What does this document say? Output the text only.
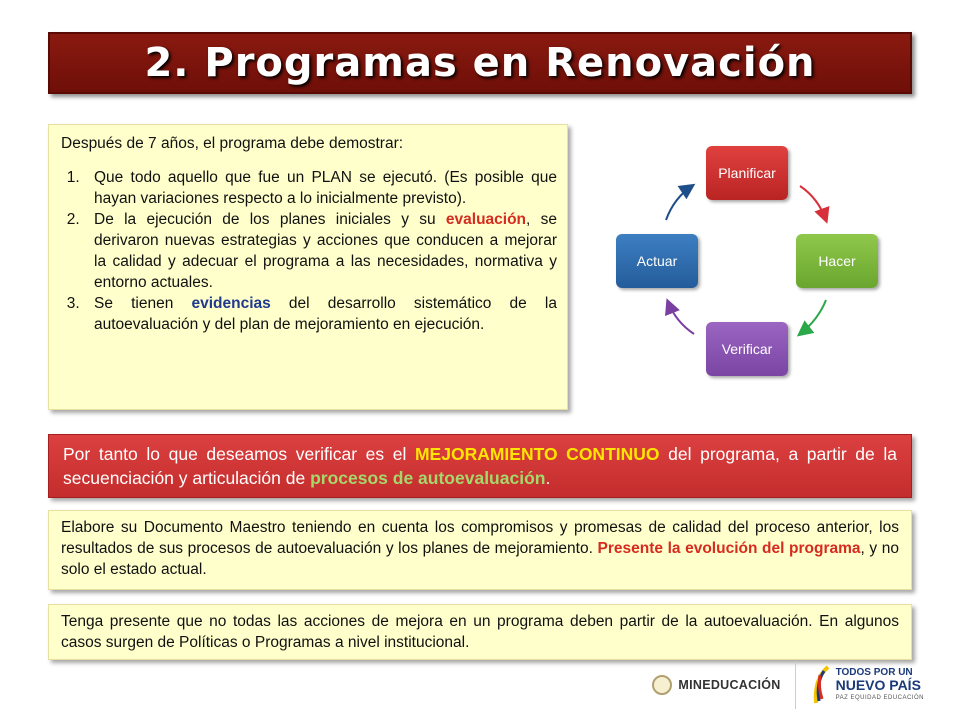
2. Programas en Renovación

Después de 7 años, el programa debe demostrar:

1. Que todo aquello que fue un PLAN se ejecutó. (Es posible que hayan variaciones respecto a lo inicialmente previsto).
2. De la ejecución de los planes iniciales y su evaluación, se derivaron nuevas estrategias y acciones que conducen a mejorar la calidad y adecuar el programa a las necesidades, normativa y entorno actuales.
3. Se tienen evidencias del desarrollo sistemático de la autoevaluación y del plan de mejoramiento en ejecución.
Planificar
Hacer
Verificar
Actuar
Por tanto lo que deseamos verificar es el MEJORAMIENTO CONTINUO del programa, a partir de la secuenciación y articulación de procesos de autoevaluación.
Elabore su Documento Maestro teniendo en cuenta los compromisos y promesas de calidad del proceso anterior, los resultados de sus procesos de autoevaluación y los planes de mejoramiento. Presente la evolución del programa, y no solo el estado actual.
Tenga presente que no todas las acciones de mejora en un programa deben partir de la autoevaluación. En algunos casos surgen de Políticas o Programas a nivel institucional.
MINEDUCACIÓN
TODOS POR UN
NUEVO PAÍS
PAZ EQUIDAD EDUCACIÓN
